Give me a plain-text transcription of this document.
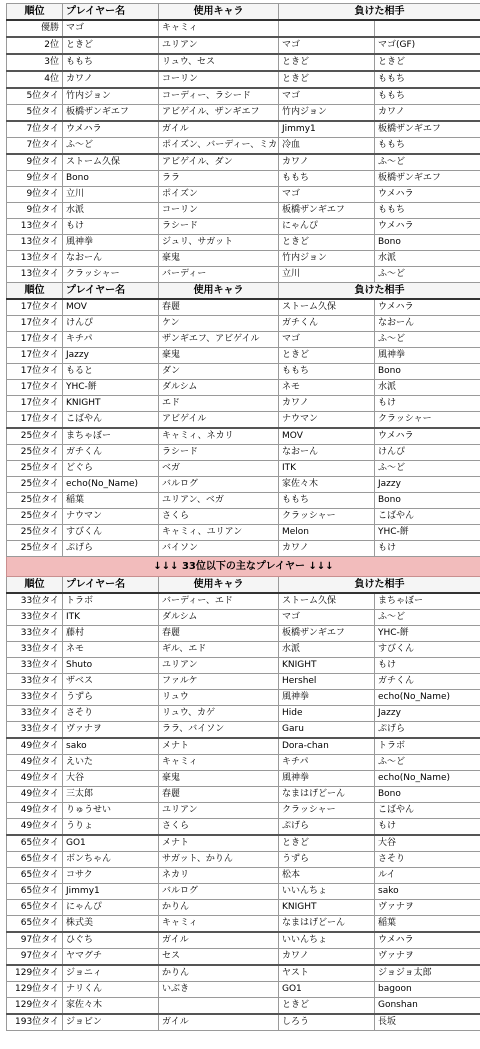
順位	プレイヤー名	使用キャラ	負けた相手	
優勝	マゴ	キャミィ		
2位	ときど	ユリアン	マゴ	マゴ(GF)
3位	ももち	リュウ、セス	ときど	ときど
4位	カワノ	コーリン	ときど	ももち
5位タイ	竹内ジョン	コーディー、ラシード	マゴ	ももち
5位タイ	板橋ザンギエフ	アビゲイル、ザンギエフ	竹内ジョン	カワノ
7位タイ	ウメハラ	ガイル	Jimmy1	板橋ザンギエフ
7位タイ	ふ～ど	ポイズン、バーディー、ミカ	冷血	ももち
9位タイ	ストーム久保	アビゲイル、ダン	カワノ	ふ～ど
9位タイ	Bono	ララ	ももち	板橋ザンギエフ
9位タイ	立川	ポイズン	マゴ	ウメハラ
9位タイ	水派	コーリン	板橋ザンギエフ	ももち
13位タイ	もけ	ラシード	にゃんぴ	ウメハラ
13位タイ	風神拳	ジュリ、サガット	ときど	Bono
13位タイ	なおーん	豪鬼	竹内ジョン	水派
13位タイ	クラッシャー	バーディー	立川	ふ～ど
順位	プレイヤー名	使用キャラ	負けた相手	
17位タイ	MOV	春麗	ストーム久保	ウメハラ
17位タイ	けんぴ	ケン	ガチくん	なおーん
17位タイ	キチパ	ザンギエフ、アビゲイル	マゴ	ふ～ど
17位タイ	Jazzy	豪鬼	ときど	風神拳
17位タイ	もると	ダン	ももち	Bono
17位タイ	YHC-餅	ダルシム	ネモ	水派
17位タイ	KNIGHT	エド	カワノ	もけ
17位タイ	こばやん	アビゲイル	ナウマン	クラッシャー
25位タイ	まちゃぼー	キャミィ、ネカリ	MOV	ウメハラ
25位タイ	ガチくん	ラシード	なおーん	けんぴ
25位タイ	どぐら	ベガ	ITK	ふ～ど
25位タイ	echo(No_Name)	バルログ	家佐々木	Jazzy
25位タイ	稲葉	ユリアン、ベガ	ももち	Bono
25位タイ	ナウマン	さくら	クラッシャー	こばやん
25位タイ	すびくん	キャミィ、ユリアン	Melon	YHC-餅
25位タイ	ぷげら	バイソン	カワノ	もけ
↓↓↓ 33位以下の主なプレイヤー ↓↓↓				
順位	プレイヤー名	使用キャラ	負けた相手	
33位タイ	トラボ	バーディー、エド	ストーム久保	まちゃぼー
33位タイ	ITK	ダルシム	マゴ	ふ～ど
33位タイ	藤村	春麗	板橋ザンギエフ	YHC-餅
33位タイ	ネモ	ギル、エド	水派	すびくん
33位タイ	Shuto	ユリアン	KNIGHT	もけ
33位タイ	ザベス	ファルケ	Hershel	ガチくん
33位タイ	うずら	リュウ	風神拳	echo(No_Name)
33位タイ	さそり	リュウ、カゲ	Hide	Jazzy
33位タイ	ヴァナヲ	ララ、バイソン	Garu	ぷげら
49位タイ	sako	メナト	Dora-chan	トラボ
49位タイ	えいた	キャミィ	キチパ	ふ～ど
49位タイ	大谷	豪鬼	風神拳	echo(No_Name)
49位タイ	三太郎	春麗	なまはげどーん	Bono
49位タイ	りゅうせい	ユリアン	クラッシャー	こばやん
49位タイ	うりょ	さくら	ぷげら	もけ
65位タイ	GO1	メナト	ときど	大谷
65位タイ	ボンちゃん	サガット、かりん	うずら	さそり
65位タイ	コサク	ネカリ	松本	ルイ
65位タイ	Jimmy1	バルログ	いいんちょ	sako
65位タイ	にゃんぴ	かりん	KNIGHT	ヴァナヲ
65位タイ	株式美	キャミィ	なまはげどーん	稲葉
97位タイ	ひぐち	ガイル	いいんちょ	ウメハラ
97位タイ	ヤマグチ	セス	カワノ	ヴァナヲ
129位タイ	ジョニィ	かりん	ヤスト	ジョジョ太郎
129位タイ	ナリくん	いぶき	GO1	bagoon
129位タイ	家佐々木		ときど	Gonshan
193位タイ	ジョビン	ガイル	しろう	長坂
